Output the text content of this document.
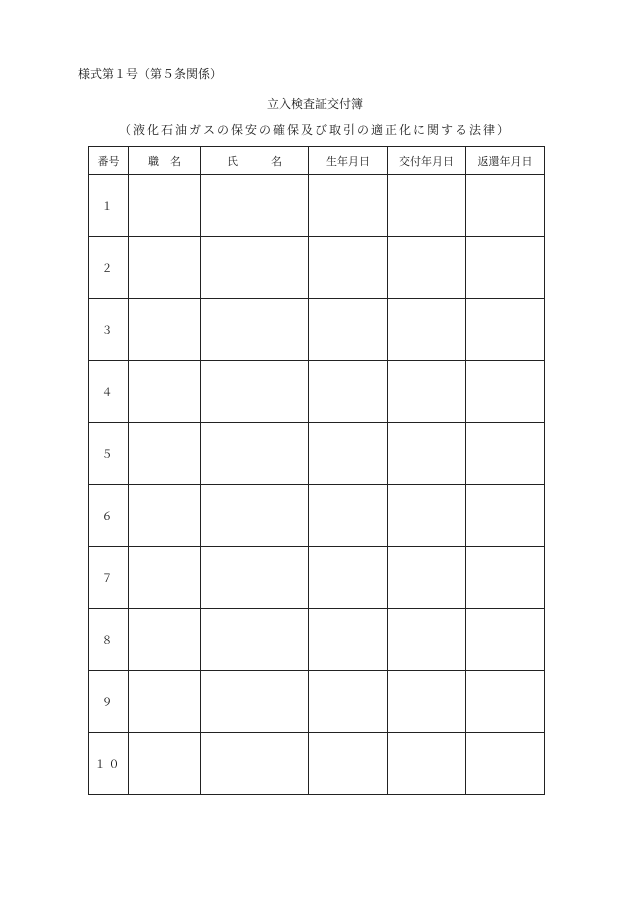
様式第１号（第５条関係）
立入検査証交付簿
（液化石油ガスの保安の確保及び取引の適正化に関する法律）
番号	職　名	氏　　　名	生年月日	交付年月日	返還年月日
１					
２					
３					
４					
５					
６					
７					
８					
９					
１０					
